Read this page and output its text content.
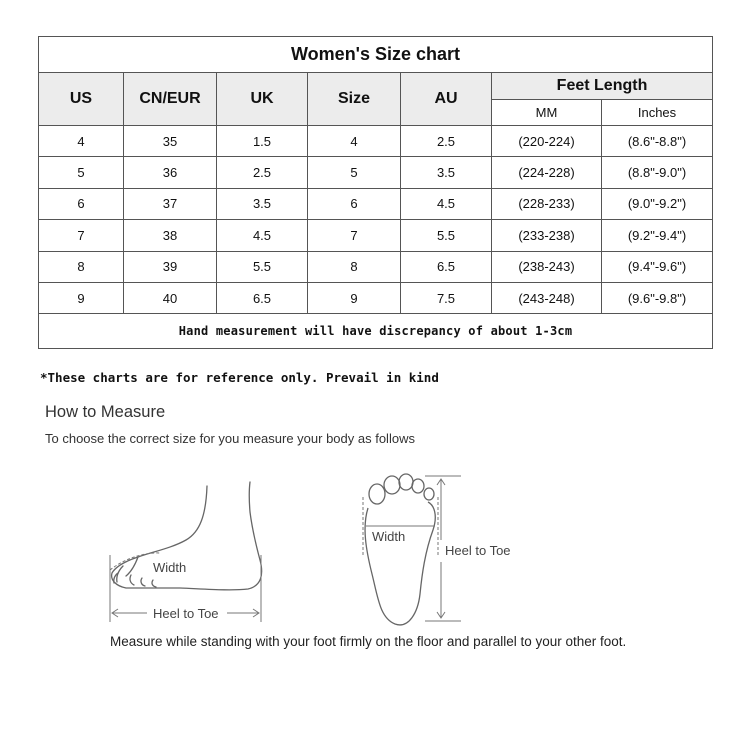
Women's Size chart						
US	CN/EUR	UK	Size	AU	Feet Length	
					MM	Inches
4	35	1.5	4	2.5	(220-224)	(8.6"-8.8")
5	36	2.5	5	3.5	(224-228)	(8.8"-9.0")
6	37	3.5	6	4.5	(228-233)	(9.0"-9.2")
7	38	4.5	7	5.5	(233-238)	(9.2"-9.4")
8	39	5.5	8	6.5	(238-243)	(9.4"-9.6")
9	40	6.5	9	7.5	(243-248)	(9.6"-9.8")
Hand measurement will have discrepancy of about 1-3cm						
*These charts are for reference only. Prevail in kind
How to Measure
To choose the correct size for you measure your body as follows
Width
Heel to Toe
Width
Heel to Toe
Measure while standing with your foot firmly on the floor and parallel to your other foot.
